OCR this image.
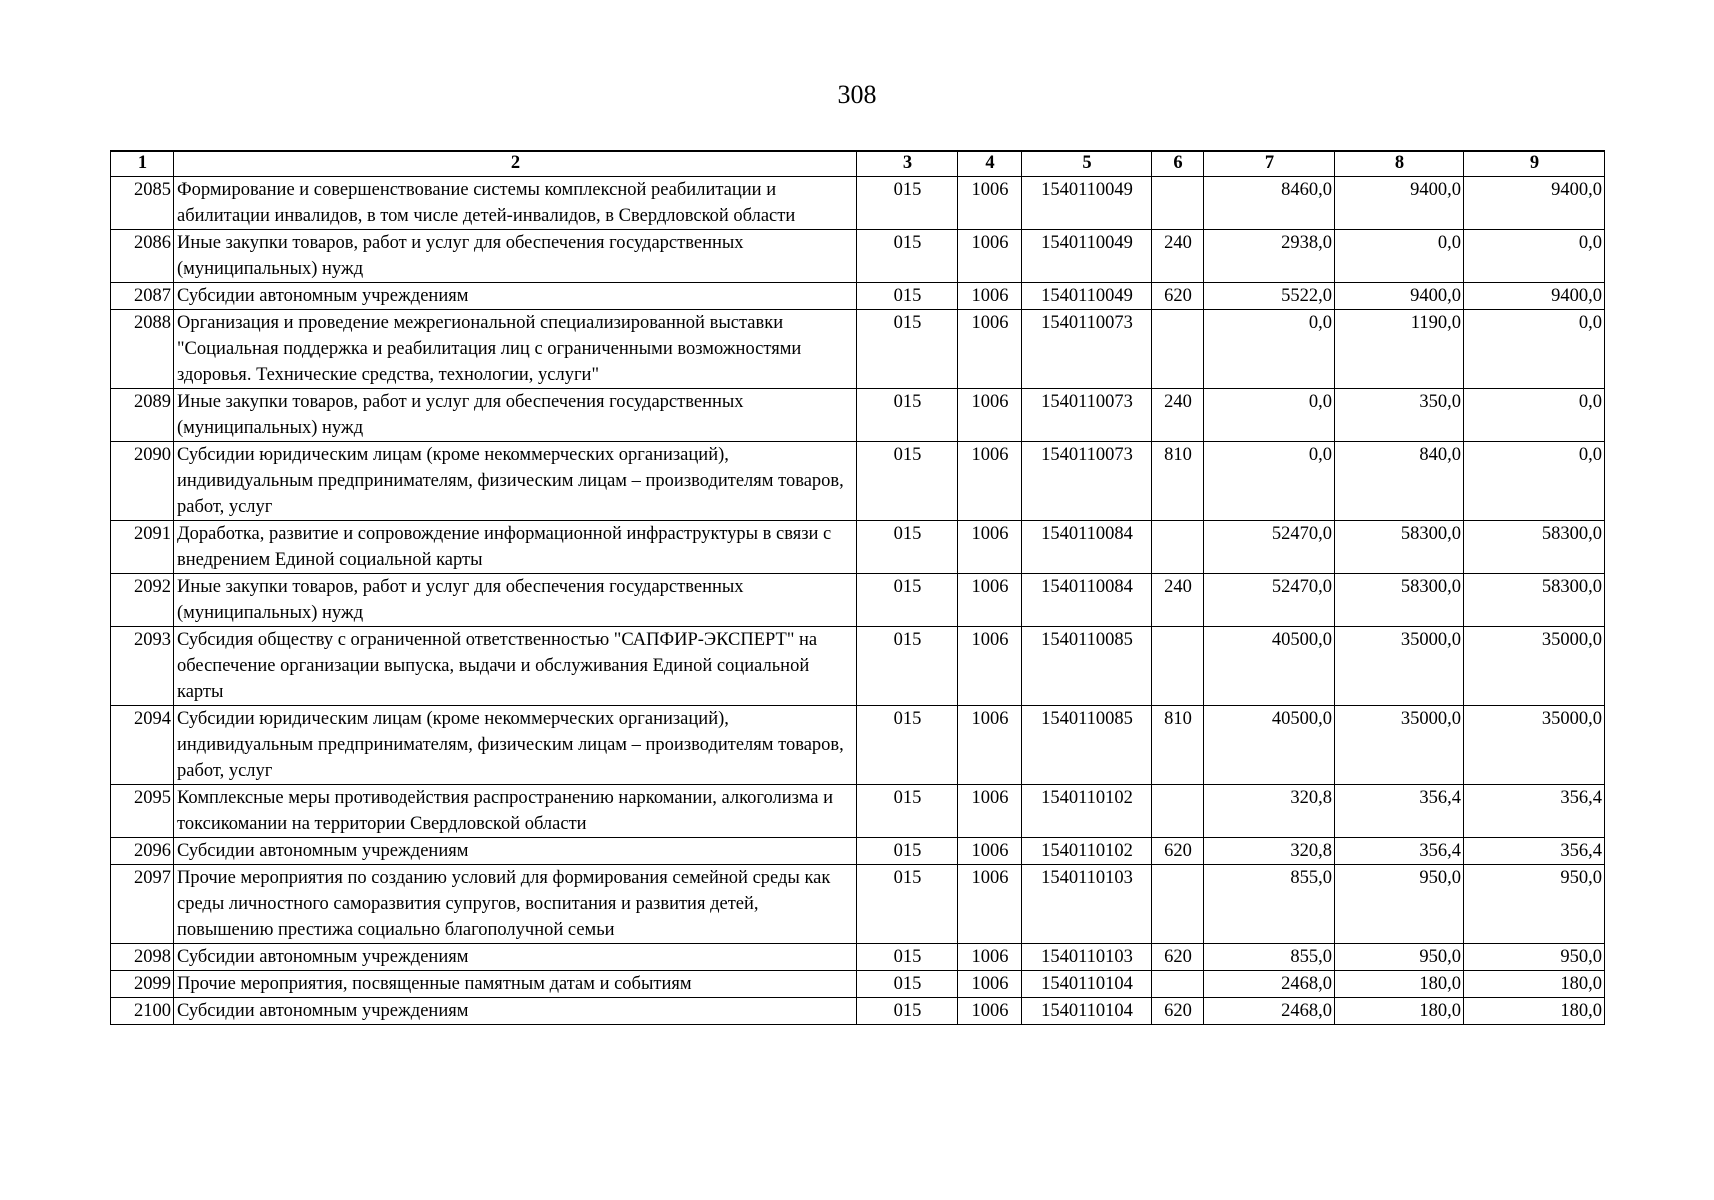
308
1	2	3	4	5	6	7	8	9
2085	Формирование и совершенствование системы комплексной реабилитации и абилитации инвалидов, в том числе детей-инвалидов, в Свердловской области	015	1006	1540110049		8460,0	9400,0	9400,0
2086	Иные закупки товаров, работ и услуг для обеспечения государственных (муниципальных) нужд	015	1006	1540110049	240	2938,0	0,0	0,0
2087	Субсидии автономным учреждениям	015	1006	1540110049	620	5522,0	9400,0	9400,0
2088	Организация и проведение межрегиональной специализированной выставки "Социальная поддержка и реабилитация лиц с ограниченными возможностями здоровья. Технические средства, технологии, услуги"	015	1006	1540110073		0,0	1190,0	0,0
2089	Иные закупки товаров, работ и услуг для обеспечения государственных (муниципальных) нужд	015	1006	1540110073	240	0,0	350,0	0,0
2090	Субсидии юридическим лицам (кроме некоммерческих организаций), индивидуальным предпринимателям, физическим лицам – производителям товаров, работ, услуг	015	1006	1540110073	810	0,0	840,0	0,0
2091	Доработка, развитие и сопровождение информационной инфраструктуры в связи с внедрением Единой социальной карты	015	1006	1540110084		52470,0	58300,0	58300,0
2092	Иные закупки товаров, работ и услуг для обеспечения государственных (муниципальных) нужд	015	1006	1540110084	240	52470,0	58300,0	58300,0
2093	Субсидия обществу с ограниченной ответственностью "САПФИР-ЭКСПЕРТ" на обеспечение организации выпуска, выдачи и обслуживания Единой социальной карты	015	1006	1540110085		40500,0	35000,0	35000,0
2094	Субсидии юридическим лицам (кроме некоммерческих организаций), индивидуальным предпринимателям, физическим лицам – производителям товаров, работ, услуг	015	1006	1540110085	810	40500,0	35000,0	35000,0
2095	Комплексные меры противодействия распространению наркомании, алкоголизма и токсикомании на территории Свердловской области	015	1006	1540110102		320,8	356,4	356,4
2096	Субсидии автономным учреждениям	015	1006	1540110102	620	320,8	356,4	356,4
2097	Прочие мероприятия по созданию условий для формирования семейной среды как среды личностного саморазвития супругов, воспитания и развития детей, повышению престижа социально благополучной семьи	015	1006	1540110103		855,0	950,0	950,0
2098	Субсидии автономным учреждениям	015	1006	1540110103	620	855,0	950,0	950,0
2099	Прочие мероприятия, посвященные памятным датам и событиям	015	1006	1540110104		2468,0	180,0	180,0
2100	Субсидии автономным учреждениям	015	1006	1540110104	620	2468,0	180,0	180,0
